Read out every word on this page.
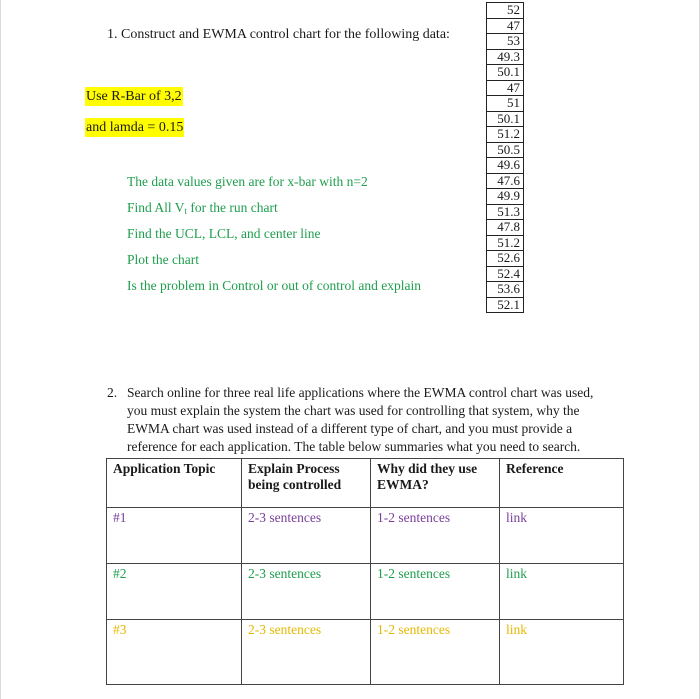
1. Construct and EWMA control chart for the following data:
Use R-Bar of 3,2
and lamda = 0.15
The data values given are for x-bar with n=2
Find All $V_t$ for the run chart
Find the UCL, LCL, and center line
Plot the chart
Is the problem in Control or out of control and explain
52
47
53
49.3
50.1
47
51
50.1
51.2
50.5
49.6
47.6
49.9
51.3
47.8
51.2
52.6
52.4
53.6
52.1
2. Search online for three real life applications where the EWMA control chart was used, you must explain the system the chart was used for controlling that system, why the EWMA chart was used instead of a different type of chart, and you must provide a reference for each application. The table below summaries what you need to search.
Application Topic	Explain Process being controlled	Why did they use EWMA?	Reference
#1	2-3 sentences	1-2 sentences	link
#2	2-3 sentences	1-2 sentences	link
#3	2-3 sentences	1-2 sentences	link
